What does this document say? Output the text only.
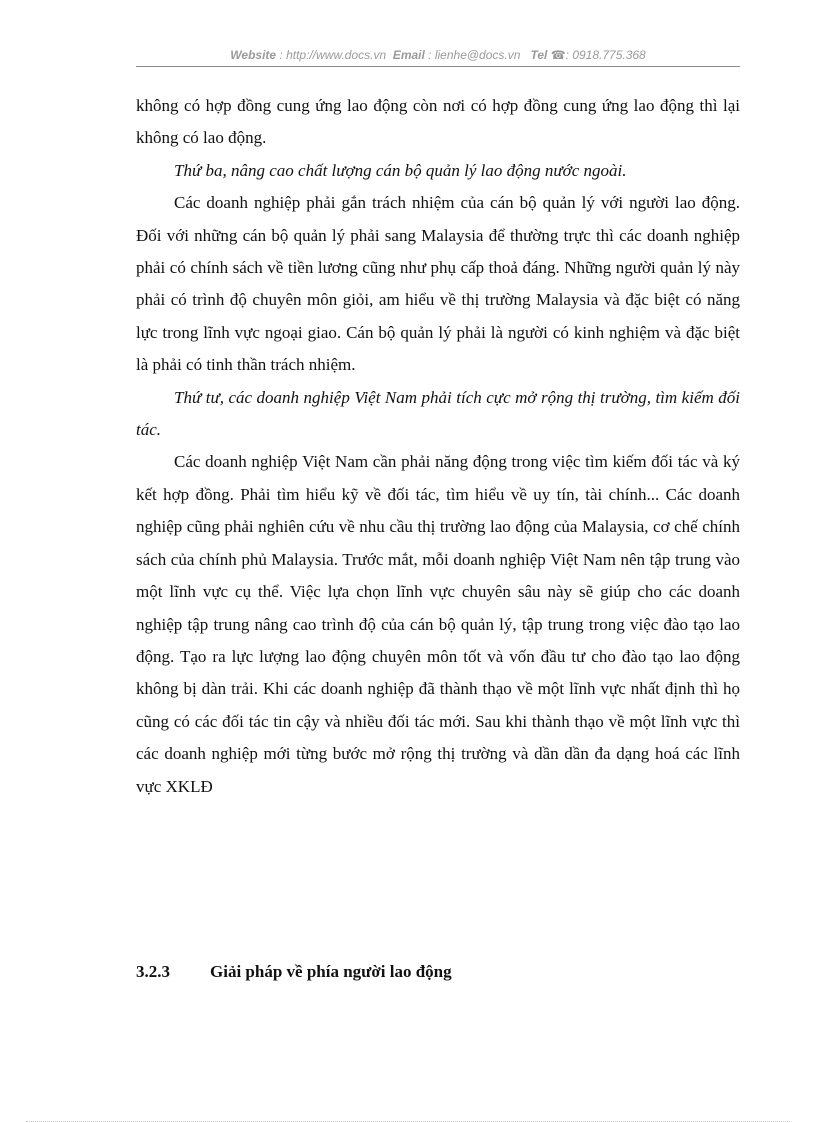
Website : http://www.docs.vn Email : lienhe@docs.vn Tel ☎: 0918.775.368

không có hợp đồng cung ứng lao động còn nơi có hợp đồng cung ứng lao động thì lại không có lao động.

Thứ ba, nâng cao chất lượng cán bộ quản lý lao động nước ngoài.

Các doanh nghiệp phải gắn trách nhiệm của cán bộ quản lý với người lao động. Đối với những cán bộ quản lý phải sang Malaysia để thường trực thì các doanh nghiệp phải có chính sách về tiền lương cũng như phụ cấp thoả đáng. Những người quản lý này phải có trình độ chuyên môn giỏi, am hiểu về thị trường Malaysia và đặc biệt có năng lực trong lĩnh vực ngoại giao. Cán bộ quản lý phải là người có kinh nghiệm và đặc biệt là phải có tinh thần trách nhiệm.

Thứ tư, các doanh nghiệp Việt Nam phải tích cực mở rộng thị trường, tìm kiếm đối tác.

Các doanh nghiệp Việt Nam cần phải năng động trong việc tìm kiếm đối tác và ký kết hợp đồng. Phải tìm hiểu kỹ về đối tác, tìm hiểu về uy tín, tài chính... Các doanh nghiệp cũng phải nghiên cứu về nhu cầu thị trường lao động của Malaysia, cơ chế chính sách của chính phủ Malaysia. Trước mắt, mỗi doanh nghiệp Việt Nam nên tập trung vào một lĩnh vực cụ thể. Việc lựa chọn lĩnh vực chuyên sâu này sẽ giúp cho các doanh nghiệp tập trung nâng cao trình độ của cán bộ quản lý, tập trung trong việc đào tạo lao động. Tạo ra lực lượng lao động chuyên môn tốt và vốn đầu tư cho đào tạo lao động không bị dàn trải. Khi các doanh nghiệp đã thành thạo về một lĩnh vực nhất định thì họ cũng có các đối tác tin cậy và nhiều đối tác mới. Sau khi thành thạo về một lĩnh vực thì các doanh nghiệp mới từng bước mở rộng thị trường và dần dần đa dạng hoá các lĩnh vực XKLĐ

3.2.3 Giải pháp về phía người lao động
